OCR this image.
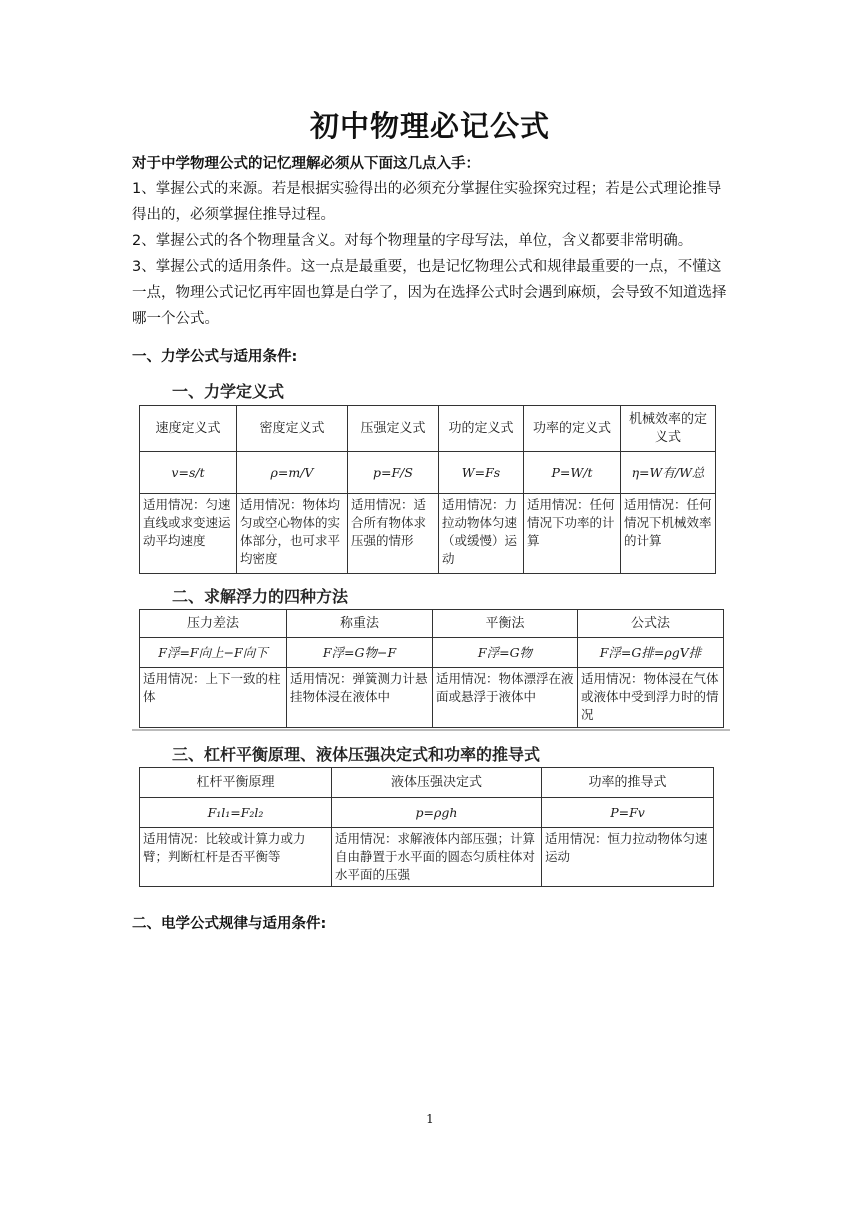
初中物理必记公式
对于中学物理公式的记忆理解必须从下面这几点入手：
1、掌握公式的来源。若是根据实验得出的必须充分掌握住实验探究过程；若是公式理论推导得出的，必须掌握住推导过程。
2、掌握公式的各个物理量含义。对每个物理量的字母写法，单位，含义都要非常明确。
3、掌握公式的适用条件。这一点是最重要，也是记忆物理公式和规律最重要的一点，不懂这一点，物理公式记忆再牢固也算是白学了，因为在选择公式时会遇到麻烦，会导致不知道选择哪一个公式。
一、力学公式与适用条件:
一、力学定义式
速度定义式	密度定义式	压强定义式	功的定义式	功率的定义式	机械效率的定义式
v=s/t	ρ=m/V	p=F/S	W=Fs	P=W/t	η=W有/W总
适用情况：匀速直线或求变速运动平均速度	适用情况：物体均匀或空心物体的实体部分，也可求平均密度	适用情况：适合所有物体求压强的情形	适用情况：力拉动物体匀速（或缓慢）运动	适用情况：任何情况下功率的计算	适用情况：任何情况下机械效率的计算
二、求解浮力的四种方法
压力差法	称重法	平衡法	公式法
F浮=F向上−F向下	F浮=G物−F	F浮=G物	F浮=G排=ρgV排
适用情况：上下一致的柱体	适用情况：弹簧测力计悬挂物体浸在液体中	适用情况：物体漂浮在液面或悬浮于液体中	适用情况：物体浸在气体或液体中受到浮力时的情况
三、杠杆平衡原理、液体压强决定式和功率的推导式
杠杆平衡原理	液体压强决定式	功率的推导式
F₁l₁=F₂l₂	p=ρgh	P=Fv
适用情况：比较或计算力或力臂；判断杠杆是否平衡等	适用情况：求解液体内部压强；计算自由静置于水平面的圆态匀质柱体对水平面的压强	适用情况：恒力拉动物体匀速运动
二、电学公式规律与适用条件:
1
